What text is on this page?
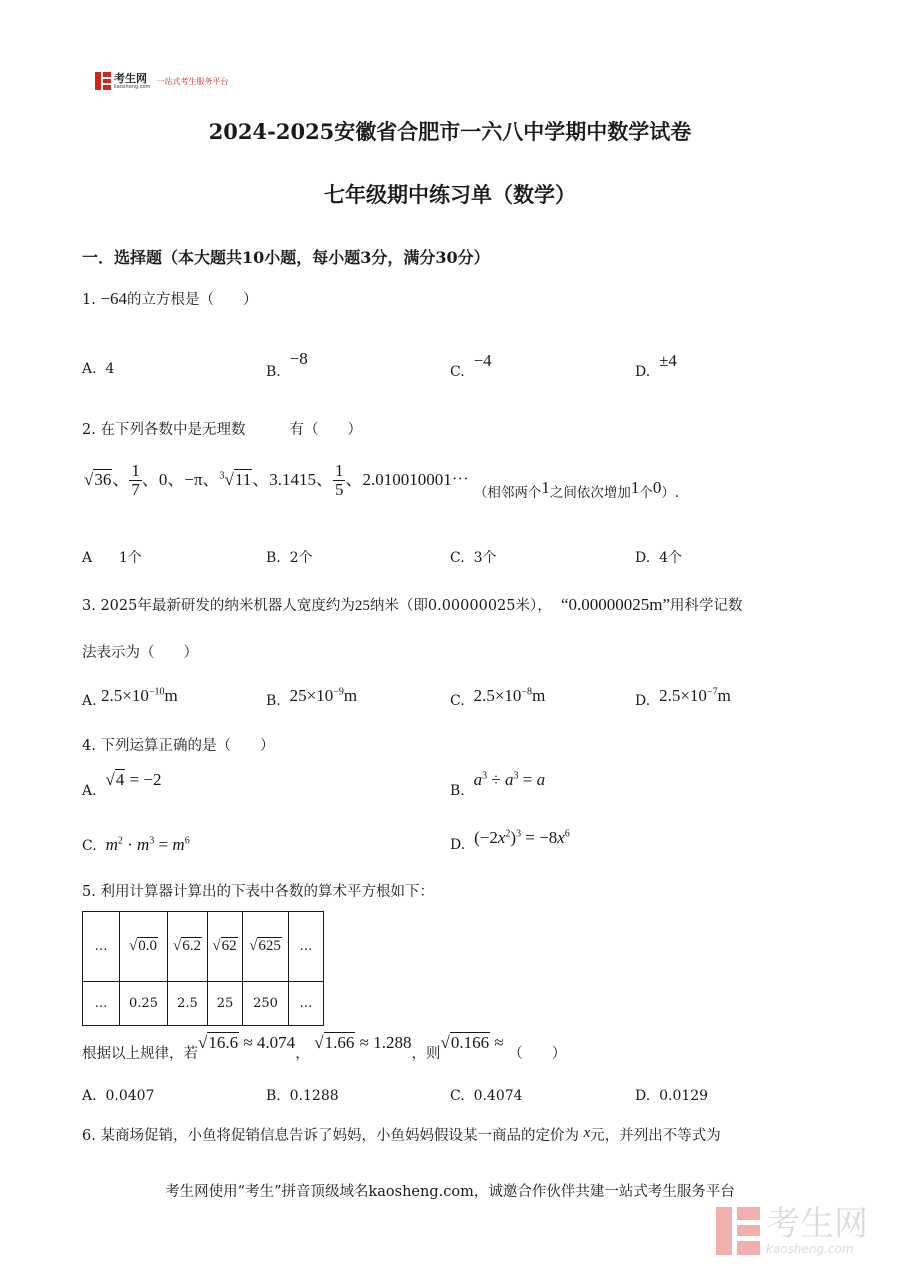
考生网
kaosheng.com
一站式考生服务平台
2024-2025安徽省合肥市一六八中学期中数学试卷
七年级期中练习单（数学）
一．选择题（本大题共10小题，每小题3分，满分30分）
1. −64的立方根是（　　）
A. 4	B.  −8
C.  −4
D.  ±4
2. 在下列各数中是无理数	有（　　）
√36、 $\frac{1}{7}$ 、0、−π、$^3$√11、3.1415、 $\frac{1}{5}$ 、2.010010001⋯ $_{(相邻两个1之间依次增加1个0).}$
A 1个	B. 2个	C. 3个	D. 4个
3. 2025年最新研发的纳米机器人宽度约为25纳米（即0.00000025米）， “0.00000025m”用科学记数
法表示为（　　）
A. $2.5\times 10^{-10}m$	B. $25\times 10^{-9}m$	C. $2.5\times 10^{-8}m$	D. $2.5\times 10^{-7}m$
4. 下列运算正确的是（　　）
A.  √4 = −2
B.  $a^3 \div a^3 = a$
C. $m^2 \cdot m^3 = m^6$	D. $(-2x^2)^3 = -8x^6$
5. 利用计算器计算出的下表中各数的算术平方根如下：
…	√0.0	√6.2	√62	√625	…
…	0.25	2.5	25	250	…
根据以上规律，若√16.6 ≈ 4.074， √1.66 ≈ 1.288，则√0.166 ≈ （　　）
A. 0.0407	B. 0.1288	C. 0.4074	D. 0.0129
6. 某商场促销，小鱼将促销信息告诉了妈妈，小鱼妈妈假设某一商品的定价为 x元，并列出不等式为
考生网使用“考生”拼音顶级域名kaosheng.com，诚邀合作伙伴共建一站式考生服务平台
考生网
kaosheng.com
